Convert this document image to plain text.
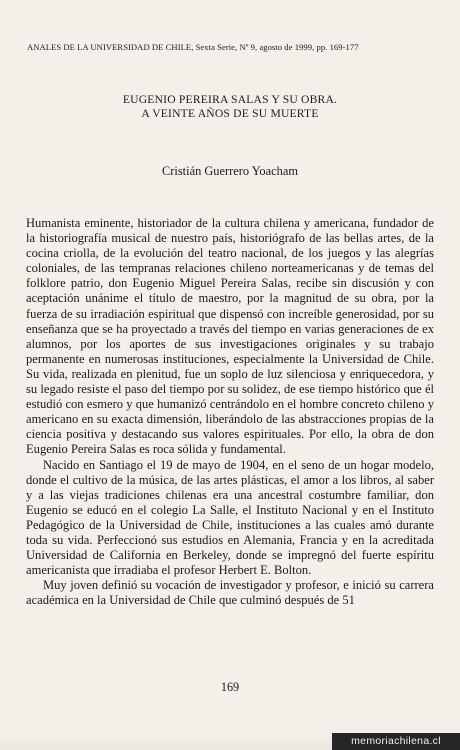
ANALES DE LA UNIVERSIDAD DE CHILE, Sexta Serie, Nº 9, agosto de 1999, pp. 169-177
EUGENIO PEREIRA SALAS Y SU OBRA.
A VEINTE AÑOS DE SU MUERTE
Cristián Guerrero Yoacham

Humanista eminente, historiador de la cultura chilena y americana, fundador de la historiografía musical de nuestro país, historiógrafo de las bellas artes, de la cocina criolla, de la evolución del teatro nacional, de los juegos y las alegrías coloniales, de las tempranas relaciones chileno norteamericanas y de temas del folklore patrio, don Eugenio Miguel Pereira Salas, recibe sin discusión y con aceptación unánime el título de maestro, por la magnitud de su obra, por la fuerza de su irradiación espiritual que dispensó con increíble generosidad, por su enseñanza que se ha proyectado a través del tiempo en varias generaciones de ex alumnos, por los aportes de sus investigaciones originales y su trabajo permanente en numerosas instituciones, especialmente la Universidad de Chile. Su vida, realizada en plenitud, fue un soplo de luz silenciosa y enriquecedora, y su legado resiste el paso del tiempo por su solidez, de ese tiempo histórico que él estudió con esmero y que humanizó centrándolo en el hombre concreto chileno y americano en su exacta dimensión, liberándolo de las abstracciones propias de la ciencia positiva y destacando sus valores espirituales. Por ello, la obra de don Eugenio Pereira Salas es roca sólida y fundamental.

Nacido en Santiago el 19 de mayo de 1904, en el seno de un hogar modelo, donde el cultivo de la música, de las artes plásticas, el amor a los libros, al saber y a las viejas tradiciones chilenas era una ancestral costumbre familiar, don Eugenio se educó en el colegio La Salle, el Instituto Nacional y en el Instituto Pedagógico de la Universidad de Chile, instituciones a las cuales amó durante toda su vida. Perfeccionó sus estudios en Alemania, Francia y en la acreditada Universidad de California en Berkeley, donde se impregnó del fuerte espíritu americanista que irradiaba el profesor Herbert E. Bolton.

Muy joven definió su vocación de investigador y profesor, e inició su carrera académica en la Universidad de Chile que culminó después de 51

169
memoriachilena.cl
